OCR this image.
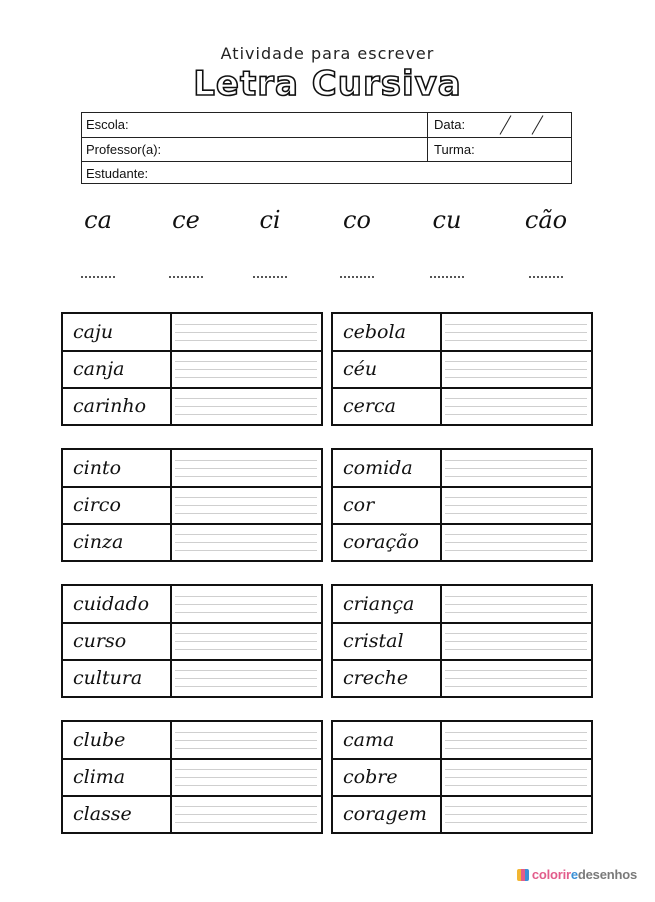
Atividade para escrever
Letra Cursiva
Escola:	Data:
Professor(a):	Turma:
Estudante:
ca	ce	ci	co	cu	cão
caju
canja
carinho
cebola
céu
cerca
cinto
circo
cinza
comida
cor
coração
cuidado
curso
cultura
criança
cristal
creche
clube
clima
classe
cama
cobre
coragem
coloriredesenhos
